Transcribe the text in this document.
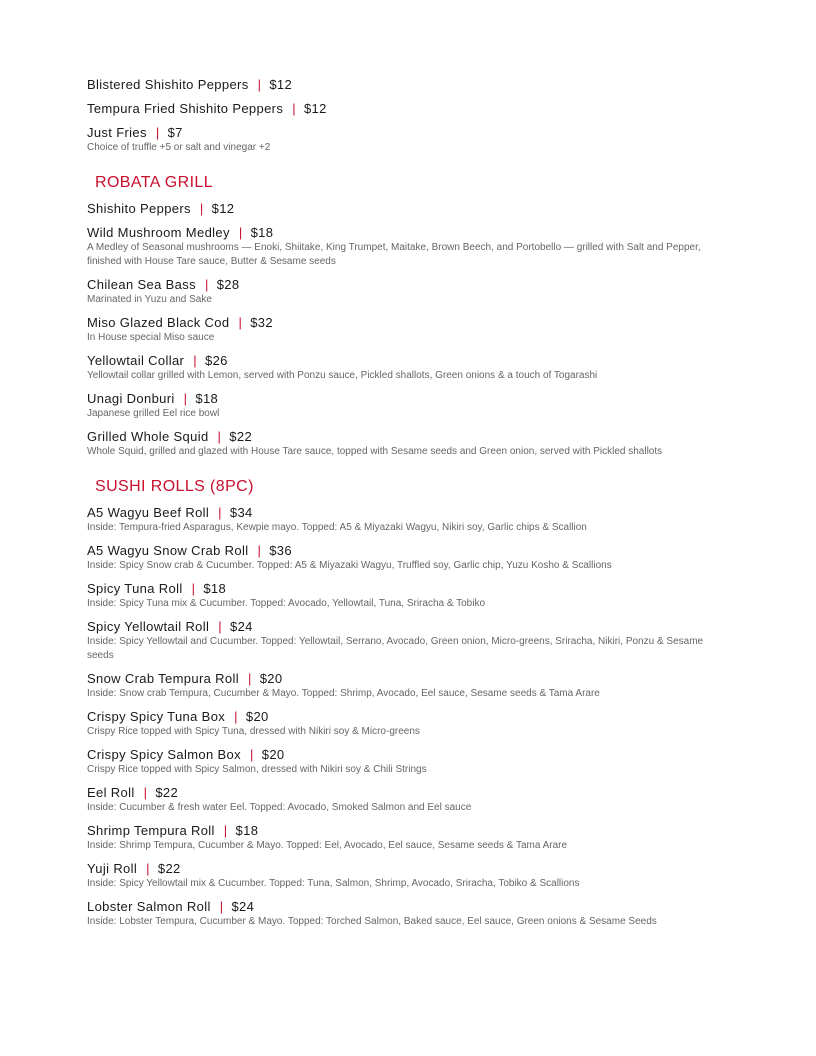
Blistered Shishito Peppers | $12
Tempura Fried Shishito Peppers | $12
Just Fries | $7
Choice of truffle +5 or salt and vinegar +2
ROBATA GRILL
Shishito Peppers | $12
Wild Mushroom Medley | $18
A Medley of Seasonal mushrooms — Enoki, Shiitake, King Trumpet, Maitake, Brown Beech, and Portobello — grilled with Salt and Pepper, finished with House Tare sauce, Butter & Sesame seeds
Chilean Sea Bass | $28
Marinated in Yuzu and Sake
Miso Glazed Black Cod | $32
In House special Miso sauce
Yellowtail Collar | $26
Yellowtail collar grilled with Lemon, served with Ponzu sauce, Pickled shallots, Green onions & a touch of Togarashi
Unagi Donburi | $18
Japanese grilled Eel rice bowl
Grilled Whole Squid | $22
Whole Squid, grilled and glazed with House Tare sauce, topped with Sesame seeds and Green onion, served with Pickled shallots
SUSHI ROLLS (8PC)
A5 Wagyu Beef Roll | $34
Inside: Tempura-fried Asparagus, Kewpie mayo. Topped: A5 & Miyazaki Wagyu, Nikiri soy, Garlic chips & Scallion
A5 Wagyu Snow Crab Roll | $36
Inside: Spicy Snow crab & Cucumber. Topped: A5 & Miyazaki Wagyu, Truffled soy, Garlic chip, Yuzu Kosho & Scallions
Spicy Tuna Roll | $18
Inside: Spicy Tuna mix & Cucumber. Topped: Avocado, Yellowtail, Tuna, Sriracha & Tobiko
Spicy Yellowtail Roll | $24
Inside: Spicy Yellowtail and Cucumber. Topped: Yellowtail, Serrano, Avocado, Green onion, Micro-greens, Sriracha, Nikiri, Ponzu & Sesame seeds
Snow Crab Tempura Roll | $20
Inside: Snow crab Tempura, Cucumber & Mayo. Topped: Shrimp, Avocado, Eel sauce, Sesame seeds & Tama Arare
Crispy Spicy Tuna Box | $20
Crispy Rice topped with Spicy Tuna, dressed with Nikiri soy & Micro-greens
Crispy Spicy Salmon Box | $20
Crispy Rice topped with Spicy Salmon, dressed with Nikiri soy & Chili Strings
Eel Roll | $22
Inside: Cucumber & fresh water Eel. Topped: Avocado, Smoked Salmon and Eel sauce
Shrimp Tempura Roll | $18
Inside: Shrimp Tempura, Cucumber & Mayo. Topped: Eel, Avocado, Eel sauce, Sesame seeds & Tama Arare
Yuji Roll | $22
Inside: Spicy Yellowtail mix & Cucumber. Topped: Tuna, Salmon, Shrimp, Avocado, Sriracha, Tobiko & Scallions
Lobster Salmon Roll | $24
Inside: Lobster Tempura, Cucumber & Mayo. Topped: Torched Salmon, Baked sauce, Eel sauce, Green onions & Sesame Seeds
